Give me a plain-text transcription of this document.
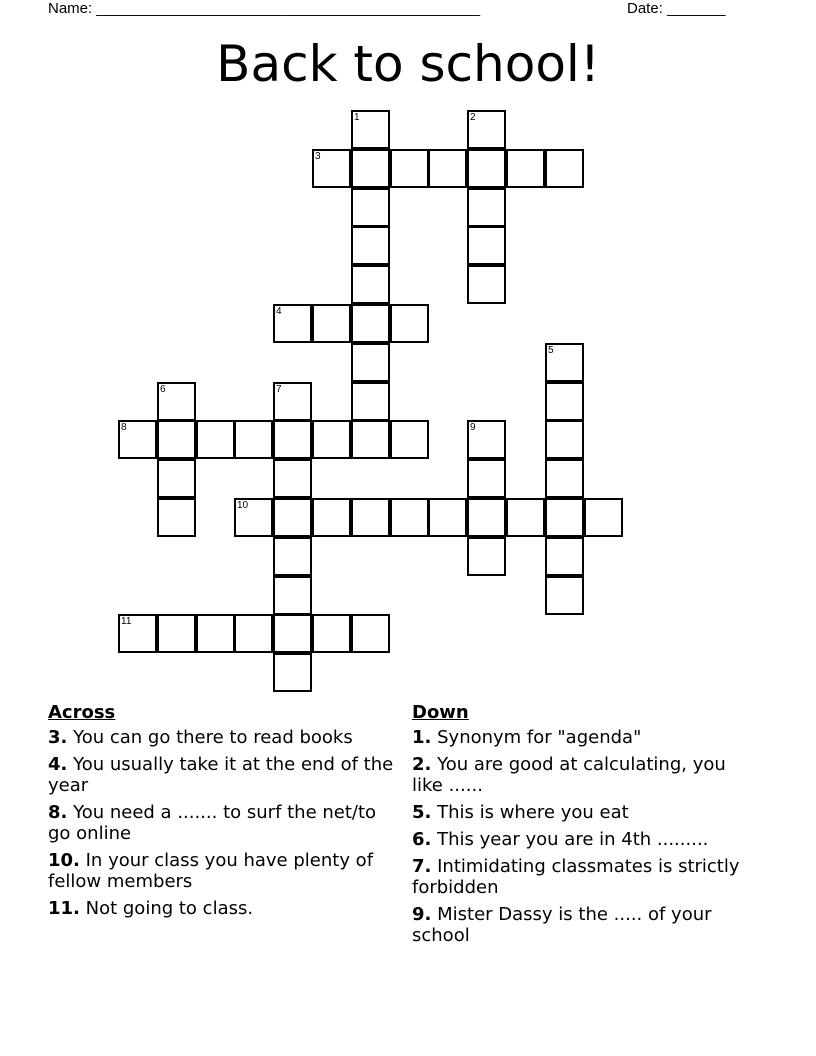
Name: ______________________________________________	Date: _______
Back to school!
1	2
3
4
5
6	7
8	9
10
11
Across
3. You can go there to read books
4. You usually take it at the end of the year
8. You need a ....... to surf the net/to go online
10. In your class you have plenty of fellow members
11. Not going to class.
Down
1. Synonym for "agenda"
2. You are good at calculating, you like ......
5. This is where you eat
6. This year you are in 4th .........
7. Intimidating classmates is strictly forbidden
9. Mister Dassy is the ..... of your school
